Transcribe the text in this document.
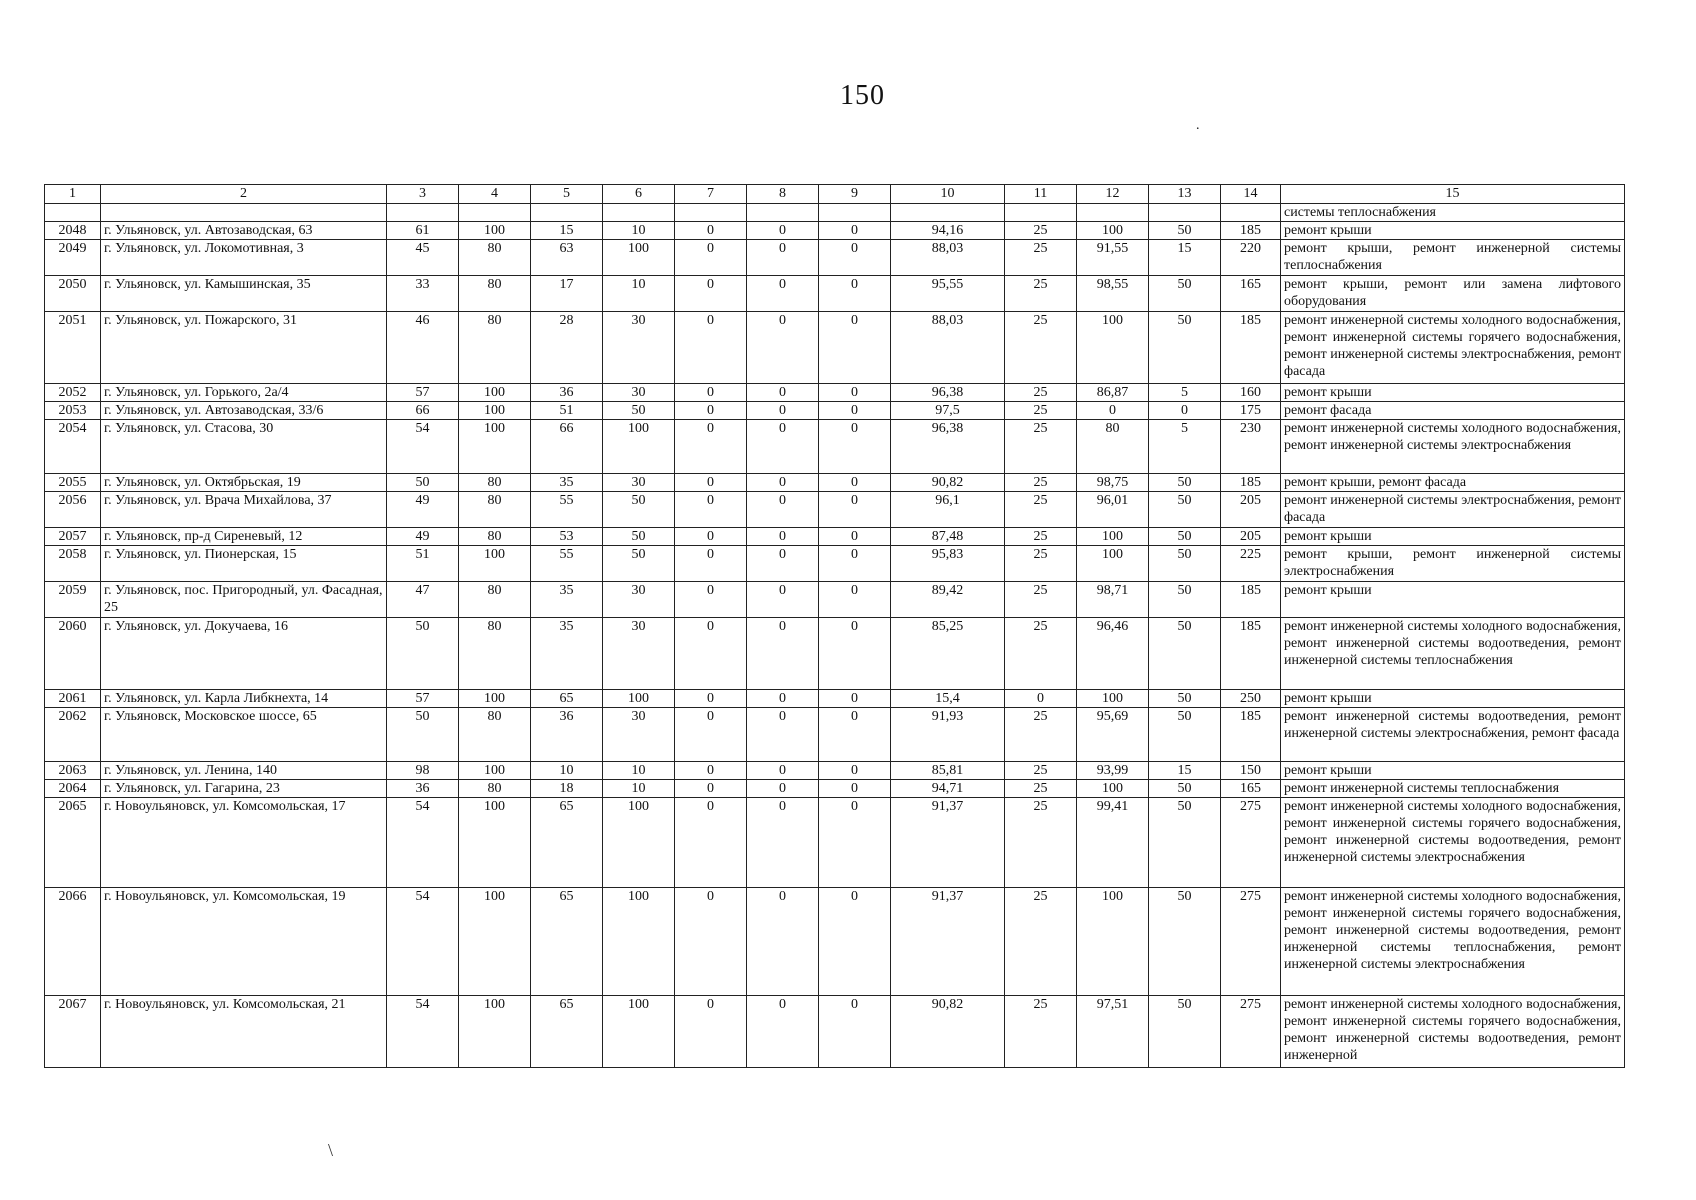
150
.
1	2	3	4	5	6	7	8	9	10	11	12	13	14	15
														системы теплоснабжения
2048	г. Ульяновск, ул. Автозаводская, 63	61	100	15	10	0	0	0	94,16	25	100	50	185	ремонт крыши
2049	г. Ульяновск, ул. Локомотивная, 3	45	80	63	100	0	0	0	88,03	25	91,55	15	220	ремонт крыши, ремонт инженерной системы теплоснабжения
2050	г. Ульяновск, ул. Камышинская, 35	33	80	17	10	0	0	0	95,55	25	98,55	50	165	ремонт крыши, ремонт или замена лифтового оборудования
2051	г. Ульяновск, ул. Пожарского, 31	46	80	28	30	0	0	0	88,03	25	100	50	185	ремонт инженерной системы холодного водоснабжения, ремонт инженерной системы горячего водоснабжения, ремонт инженерной системы электроснабжения, ремонт фасада
2052	г. Ульяновск, ул. Горького, 2а/4	57	100	36	30	0	0	0	96,38	25	86,87	5	160	ремонт крыши
2053	г. Ульяновск, ул. Автозаводская, 33/6	66	100	51	50	0	0	0	97,5	25	0	0	175	ремонт фасада
2054	г. Ульяновск, ул. Стасова, 30	54	100	66	100	0	0	0	96,38	25	80	5	230	ремонт инженерной системы холодного водоснабжения, ремонт инженерной системы электроснабжения
2055	г. Ульяновск, ул. Октябрьская, 19	50	80	35	30	0	0	0	90,82	25	98,75	50	185	ремонт крыши, ремонт фасада
2056	г. Ульяновск, ул. Врача Михайлова, 37	49	80	55	50	0	0	0	96,1	25	96,01	50	205	ремонт инженерной системы электроснабжения, ремонт фасада
2057	г. Ульяновск, пр-д Сиреневый, 12	49	80	53	50	0	0	0	87,48	25	100	50	205	ремонт крыши
2058	г. Ульяновск, ул. Пионерская, 15	51	100	55	50	0	0	0	95,83	25	100	50	225	ремонт крыши, ремонт инженерной системы электроснабжения
2059	г. Ульяновск, пос. Пригородный, ул. Фасадная, 25	47	80	35	30	0	0	0	89,42	25	98,71	50	185	ремонт крыши
2060	г. Ульяновск, ул. Докучаева, 16	50	80	35	30	0	0	0	85,25	25	96,46	50	185	ремонт инженерной системы холодного водоснабжения, ремонт инженерной системы водоотведения, ремонт инженерной системы теплоснабжения
2061	г. Ульяновск, ул. Карла Либкнехта, 14	57	100	65	100	0	0	0	15,4	0	100	50	250	ремонт крыши
2062	г. Ульяновск, Московское шоссе, 65	50	80	36	30	0	0	0	91,93	25	95,69	50	185	ремонт инженерной системы водоотведения, ремонт инженерной системы электроснабжения, ремонт фасада
2063	г. Ульяновск, ул. Ленина, 140	98	100	10	10	0	0	0	85,81	25	93,99	15	150	ремонт крыши
2064	г. Ульяновск, ул. Гагарина, 23	36	80	18	10	0	0	0	94,71	25	100	50	165	ремонт инженерной системы теплоснабжения
2065	г. Новоульяновск, ул. Комсомольская, 17	54	100	65	100	0	0	0	91,37	25	99,41	50	275	ремонт инженерной системы холодного водоснабжения, ремонт инженерной системы горячего водоснабжения, ремонт инженерной системы водоотведения, ремонт инженерной системы электроснабжения
2066	г. Новоульяновск, ул. Комсомольская, 19	54	100	65	100	0	0	0	91,37	25	100	50	275	ремонт инженерной системы холодного водоснабжения, ремонт инженерной системы горячего водоснабжения, ремонт инженерной системы водоотведения, ремонт инженерной системы теплоснабжения, ремонт инженерной системы электроснабжения
2067	г. Новоульяновск, ул. Комсомольская, 21	54	100	65	100	0	0	0	90,82	25	97,51	50	275	ремонт инженерной системы холодного водоснабжения, ремонт инженерной системы горячего водоснабжения, ремонт инженерной системы водоотведения, ремонт инженерной
\
